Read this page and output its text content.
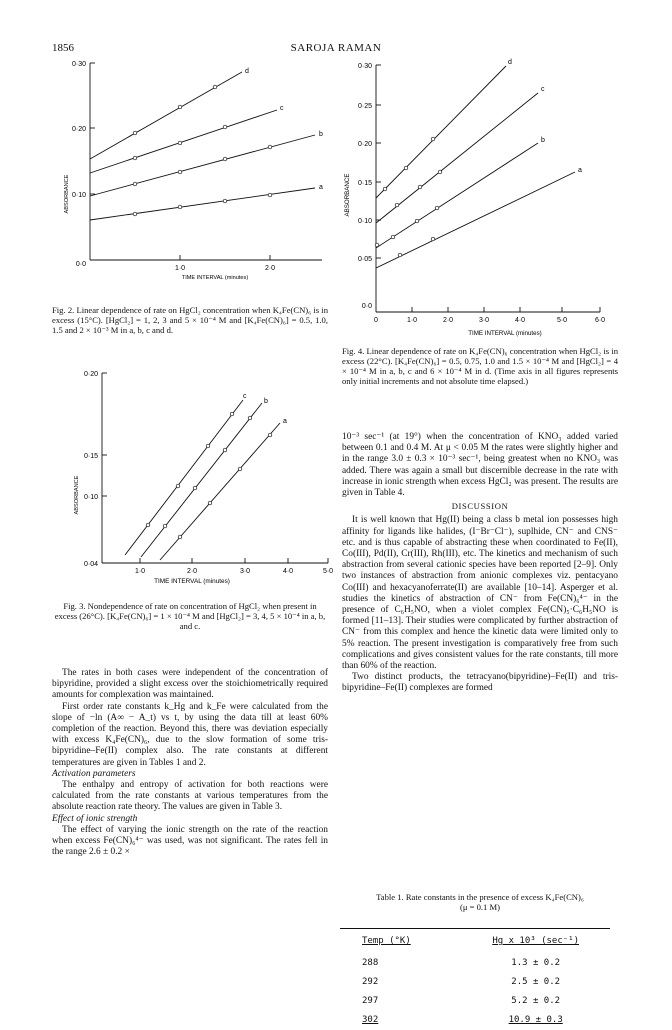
1856	SAROJA RAMAN
0·0
0·10
0·20
0·30
1·0	2·0
TIME INTERVAL (minutes)
ABSORBANCE	a
b
c
d
Fig. 2. Linear dependence of rate on HgCl₂ concentration when K₄Fe(CN)₆ is in excess (15°C). [HgCl₂] = 1, 2, 3 and 5 × 10⁻⁴ M and [K₄Fe(CN)₆] = 0.5, 1.0, 1.5 and 2 × 10⁻³ M in a, b, c and d.
0·04
0·10
0·15
0·20
1·0	2·0	3·0	4·0	5·0
TIME INTERVAL (minutes)
ABSORBANCE
a
b
c
Fig. 3. Nondependence of rate on concentration of HgCl₂ when present in excess (26°C). [K₄Fe(CN)₆] = 1 × 10⁻⁴ M and [HgCl₂] = 3, 4, 5 × 10⁻⁴ in a, b, and c.
0·0
0·05
0·10
0·15
0·20
0·25
0·30
0	1·0	2·0	3·0	4·0	5·0	6·0
TIME INTERVAL (minutes)
ABSORBANCE
a
b
c
d
Fig. 4. Linear dependence of rate on K₄Fe(CN)₆ concentration when HgCl₂ is in excess (22°C). [K₄Fe(CN)₆] = 0.5, 0.75, 1.0 and 1.5 × 10⁻⁴ M and [HgCl₂] = 4 × 10⁻⁴ M in a, b, c and 6 × 10⁻⁴ M in d. (Time axis in all figures represents only initial increments and not absolute time elapsed.)

The rates in both cases were independent of the concentration of bipyridine, provided a slight excess over the stoichiometrically required amounts for complexation was maintained.

First order rate constants k_Hg and k_Fe were calculated from the slope of −ln (A∞ − A_t) vs t, by using the data till at least 60% completion of the reaction. Beyond this, there was deviation especially with excess K₄Fe(CN)₆, due to the slow formation of some tris-bipyridine–Fe(II) complex also. The rate constants at different temperatures are given in Tables 1 and 2.

Activation parameters

The enthalpy and entropy of activation for both reactions were calculated from the rate constants at various temperatures from the absolute reaction rate theory. The values are given in Table 3.

Effect of ionic strength

The effect of varying the ionic strength on the rate of the reaction when excess Fe(CN)₆⁴⁻ was used, was not significant. The rates fell in the range 2.6 ± 0.2 ×

10⁻³ sec⁻¹ (at 19°) when the concentration of KNO₃ added varied between 0.1 and 0.4 M. At μ < 0.05 M the rates were slightly higher and in the range 3.0 ± 0.3 × 10⁻³ sec⁻¹, being greatest when no KNO₃ was added. There was again a small but discernible decrease in the rate with increase in ionic strength when excess HgCl₂ was present. The results are given in Table 4.

DISCUSSION

It is well known that Hg(II) being a class b metal ion possesses high affinity for ligands like halides, (I⁻Br⁻Cl⁻), suplhide, CN⁻ and CNS⁻ etc. and is thus capable of abstracting these when coordinated to Fe(II), Co(III), Pd(II), Cr(III), Rh(III), etc. The kinetics and mechanism of such abstraction from several cationic species have been reported [2–9]. Only two instances of abstraction from anionic complexes viz. pentacyano Co(III) and hexacyanoferrate(II) are available [10–14]. Asperger et al. studies the kinetics of abstraction of CN⁻ from Fe(CN)₆⁴⁻ in the presence of C₆H₅NO, when a violet complex Fe(CN)₅·C₆H₅NO is formed [11–13]. Their studies were complicated by further abstraction of CN⁻ from this complex and hence the kinetic data were limited only to 5% reaction. The present investigation is comparatively free from such complications and gives consistent values for the rate constants, till more than 60% of the reaction.

Two distinct products, the tetracyano(bipyridine)–Fe(II) and tris-bipyridine–Fe(II) complexes are formed

Table 1. Rate constants in the presence of excess K₄Fe(CN)₆
(μ = 0.1 M)
Temp (°K)	Hg x 10³ (sec⁻¹)
288	1.3 ± 0.2
292	2.5 ± 0.2
297	5.2 ± 0.2
302	10.9 ± 0.3
